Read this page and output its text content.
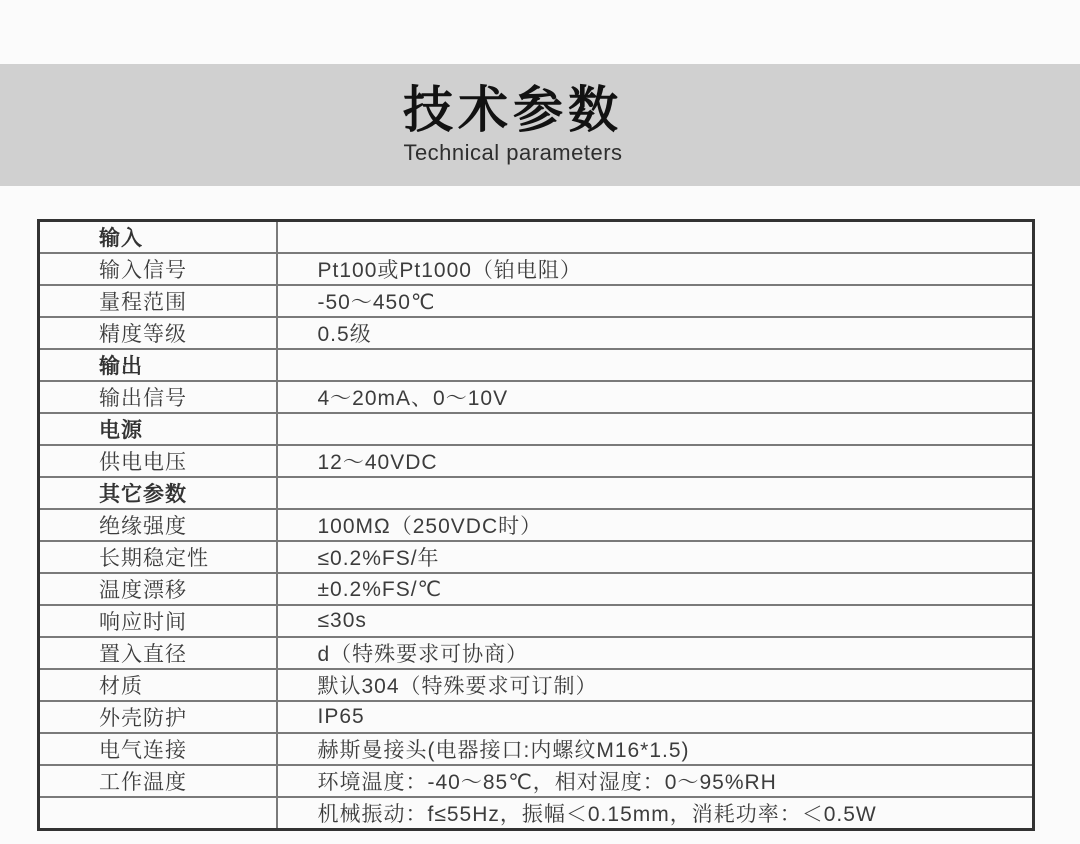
技术参数
Technical parameters
输入	
输入信号	Pt100或Pt1000（铂电阻）
量程范围	-50～450℃
精度等级	0.5级
输出	
输出信号	4～20mA、0～10V
电源	
供电电压	12～40VDC
其它参数	
绝缘强度	100MΩ（250VDC时）
长期稳定性	≤0.2%FS/年
温度漂移	±0.2%FS/℃
响应时间	≤30s
置入直径	d（特殊要求可协商）
材质	默认304（特殊要求可订制）
外壳防护	IP65
电气连接	赫斯曼接头(电器接口:内螺纹M16*1.5)
工作温度	环境温度：-40～85℃，相对湿度：0～95%RH
	机械振动：f≤55Hz，振幅＜0.15mm，消耗功率：＜0.5W
